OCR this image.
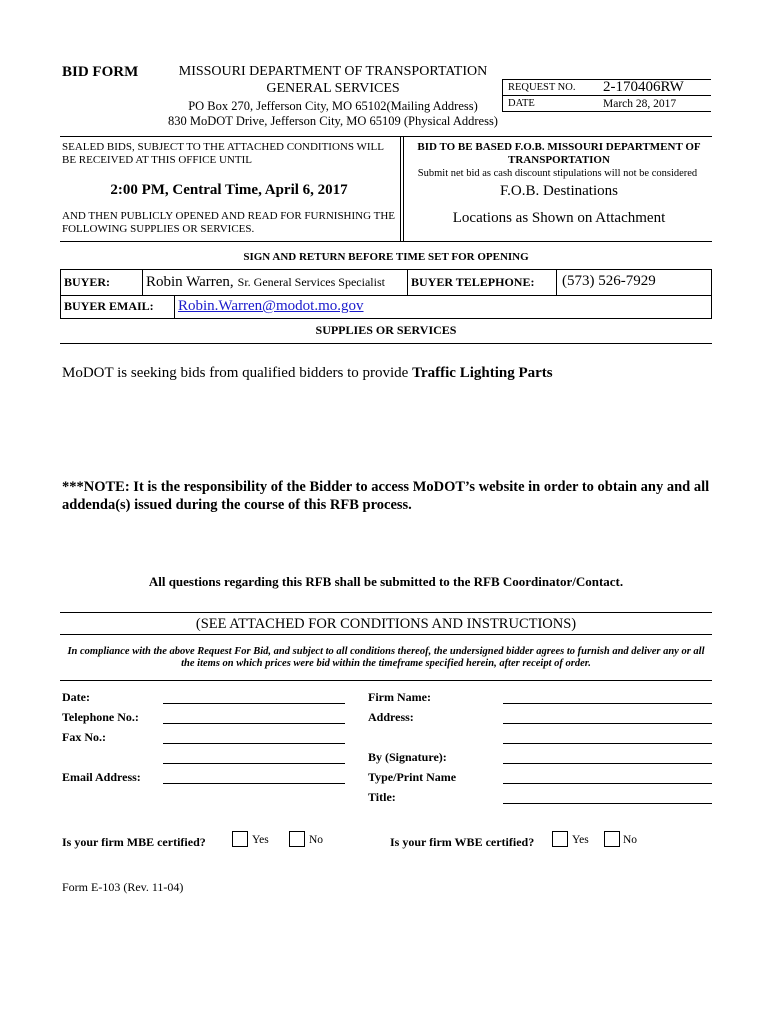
BID FORM	MISSOURI DEPARTMENT OF TRANSPORTATION
GENERAL SERVICES
PO Box 270, Jefferson City, MO 65102(Mailing Address)
830 MoDOT Drive, Jefferson City, MO 65109 (Physical Address)
REQUEST NO. 2-170406RW
DATE	March 28, 2017
SEALED BIDS, SUBJECT TO THE ATTACHED CONDITIONS WILL BE RECEIVED AT THIS OFFICE UNTIL
2:00 PM, Central Time, April 6, 2017
AND THEN PUBLICLY OPENED AND READ FOR FURNISHING THE FOLLOWING SUPPLIES OR SERVICES.
BID TO BE BASED F.O.B. MISSOURI DEPARTMENT OF TRANSPORTATION
Submit net bid as cash discount stipulations will not be considered
F.O.B. Destinations
Locations as Shown on Attachment
SIGN AND RETURN BEFORE TIME SET FOR OPENING
BUYER: Robin Warren, Sr. General Services Specialist BUYER TELEPHONE: (573) 526-7929
BUYER EMAIL: Robin.Warren@modot.mo.gov
SUPPLIES OR SERVICES
MoDOT is seeking bids from qualified bidders to provide Traffic Lighting Parts
***NOTE: It is the responsibility of the Bidder to access MoDOT’s website in order to obtain any and all addenda(s) issued during the course of this RFB process.
All questions regarding this RFB shall be submitted to the RFB Coordinator/Contact.
(SEE ATTACHED FOR CONDITIONS AND INSTRUCTIONS)
In compliance with the above Request For Bid, and subject to all conditions thereof, the undersigned bidder agrees to furnish and deliver any or all the items on which prices were bid within the timeframe specified herein, after receipt of order.
Date:
Telephone No.:
Fax No.:
Email Address:
Firm Name:
Address:
By (Signature):
Type/Print Name
Title:
Is your firm MBE certified?	Yes	No	Is your firm WBE certified?	Yes	No
Form E-103 (Rev. 11-04)
